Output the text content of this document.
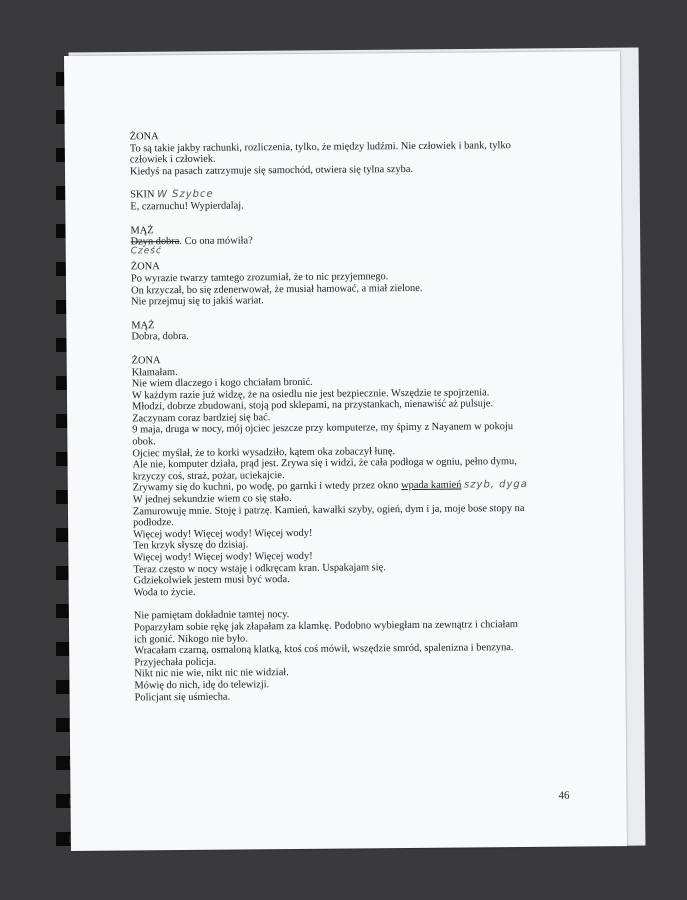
ŻONA
To są takie jakby rachunki, rozliczenia, tylko, że między ludźmi. Nie człowiek i bank, tylko
człowiek i człowiek.
Kiedyś na pasach zatrzymuje się samochód, otwiera się tylna szyba.
SKIN W Szybce
E, czarnuchu! Wypierdalaj.
MĄŻ
Dzyn dobra. Co ona mówiła?
Cześć
ŻONA
Po wyrazie twarzy tamtego zrozumiał, że to nic przyjemnego.
On krzyczał, bo się zdenerwował, że musiał hamować, a miał zielone.
Nie przejmuj się to jakiś wariat.
MĄŻ
Dobra, dobra.
ŻONA
Kłamałam.
Nie wiem dlaczego i kogo chciałam bronić.
W każdym razie już widzę, że na osiedlu nie jest bezpiecznie. Wszędzie te spojrzenia.
Młodzi, dobrze zbudowani, stoją pod sklepami, na przystankach, nienawiść aż pulsuje.
Zaczynam coraz bardziej się bać.
9 maja, druga w nocy, mój ojciec jeszcze przy komputerze, my śpimy z Nayanem w pokoju
obok.
Ojciec myślał, że to korki wysadziło, kątem oka zobaczył łunę.
Ale nie, komputer działa, prąd jest. Zrywa się i widzi, że cała podłoga w ogniu, pełno dymu,
krzyczy coś, straż, pożar, uciekajcie.
Zrywamy się do kuchni, po wodę, po garnki i wtedy przez okno wpada kamień szyb, dyga
W jednej sekundzie wiem co się stało.
Zamurowuję mnie. Stoję i patrzę. Kamień, kawałki szyby, ogień, dym i ja, moje bose stopy na
podłodze.
Więcej wody! Więcej wody! Więcej wody!
Ten krzyk słyszę do dzisiaj.
Więcej wody! Więcej wody! Więcej wody!
Teraz często w nocy wstaję i odkręcam kran. Uspakajam się.
Gdziekolwiek jestem musi być woda.
Woda to życie.
Nie pamiętam dokładnie tamtej nocy.
Poparzyłam sobie rękę jak złapałam za klamkę. Podobno wybiegłam na zewnątrz i chciałam
ich gonić. Nikogo nie było.
Wracałam czarną, osmaloną klatką, ktoś coś mówił, wszędzie smród, spalenizna i benzyna.
Przyjechała policja.
Nikt nic nie wie, nikt nic nie widział.
Mówię do nich, idę do telewizji.
Policjant się uśmiecha.
46
